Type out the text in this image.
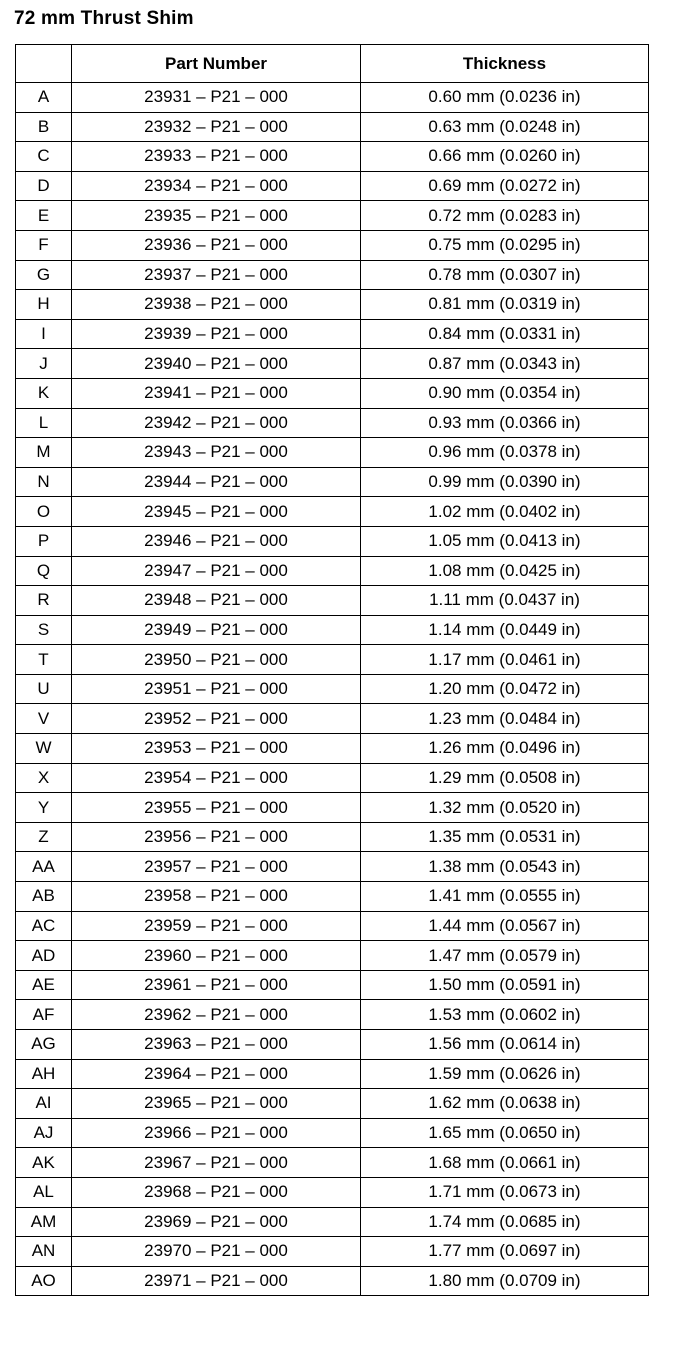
72 mm Thrust Shim
	Part Number	Thickness
A	23931 – P21 – 000	0.60 mm (0.0236 in)
B	23932 – P21 – 000	0.63 mm (0.0248 in)
C	23933 – P21 – 000	0.66 mm (0.0260 in)
D	23934 – P21 – 000	0.69 mm (0.0272 in)
E	23935 – P21 – 000	0.72 mm (0.0283 in)
F	23936 – P21 – 000	0.75 mm (0.0295 in)
G	23937 – P21 – 000	0.78 mm (0.0307 in)
H	23938 – P21 – 000	0.81 mm (0.0319 in)
I	23939 – P21 – 000	0.84 mm (0.0331 in)
J	23940 – P21 – 000	0.87 mm (0.0343 in)
K	23941 – P21 – 000	0.90 mm (0.0354 in)
L	23942 – P21 – 000	0.93 mm (0.0366 in)
M	23943 – P21 – 000	0.96 mm (0.0378 in)
N	23944 – P21 – 000	0.99 mm (0.0390 in)
O	23945 – P21 – 000	1.02 mm (0.0402 in)
P	23946 – P21 – 000	1.05 mm (0.0413 in)
Q	23947 – P21 – 000	1.08 mm (0.0425 in)
R	23948 – P21 – 000	1.11 mm (0.0437 in)
S	23949 – P21 – 000	1.14 mm (0.0449 in)
T	23950 – P21 – 000	1.17 mm (0.0461 in)
U	23951 – P21 – 000	1.20 mm (0.0472 in)
V	23952 – P21 – 000	1.23 mm (0.0484 in)
W	23953 – P21 – 000	1.26 mm (0.0496 in)
X	23954 – P21 – 000	1.29 mm (0.0508 in)
Y	23955 – P21 – 000	1.32 mm (0.0520 in)
Z	23956 – P21 – 000	1.35 mm (0.0531 in)
AA	23957 – P21 – 000	1.38 mm (0.0543 in)
AB	23958 – P21 – 000	1.41 mm (0.0555 in)
AC	23959 – P21 – 000	1.44 mm (0.0567 in)
AD	23960 – P21 – 000	1.47 mm (0.0579 in)
AE	23961 – P21 – 000	1.50 mm (0.0591 in)
AF	23962 – P21 – 000	1.53 mm (0.0602 in)
AG	23963 – P21 – 000	1.56 mm (0.0614 in)
AH	23964 – P21 – 000	1.59 mm (0.0626 in)
AI	23965 – P21 – 000	1.62 mm (0.0638 in)
AJ	23966 – P21 – 000	1.65 mm (0.0650 in)
AK	23967 – P21 – 000	1.68 mm (0.0661 in)
AL	23968 – P21 – 000	1.71 mm (0.0673 in)
AM	23969 – P21 – 000	1.74 mm (0.0685 in)
AN	23970 – P21 – 000	1.77 mm (0.0697 in)
AO	23971 – P21 – 000	1.80 mm (0.0709 in)
